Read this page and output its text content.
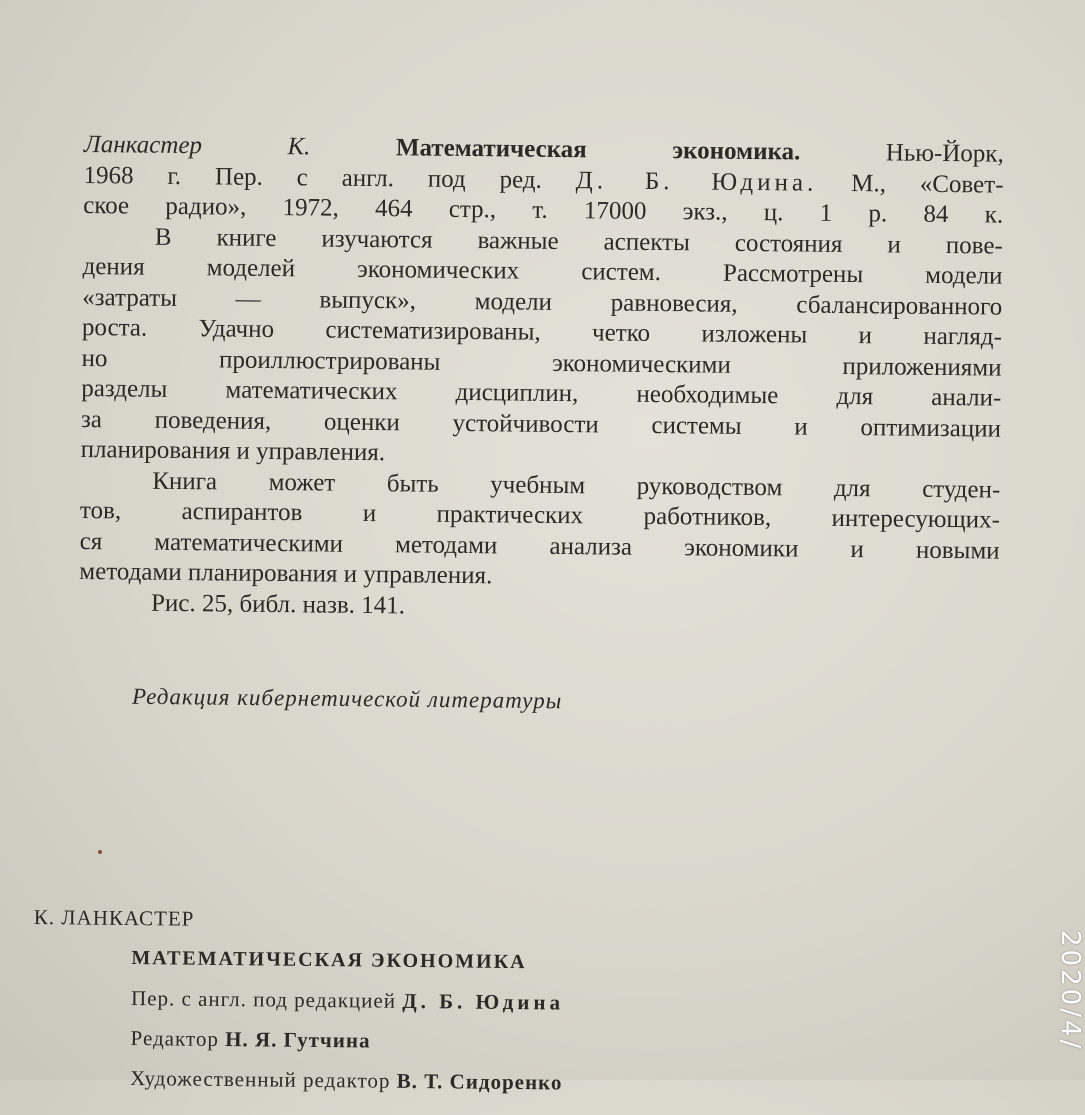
Ланкастер К.	Математическая экономика.	Нью-Йорк,
1968 г. Пер. с англ. под ред. Д. Б. Юдина. М., «Совет-
ское радио», 1972, 464 стр., т. 17000 экз., ц. 1 р. 84 к.
В книге изучаются важные аспекты состояния и пове-
дения моделей экономических систем. Рассмотрены модели
«затраты — выпуск», модели равновесия, сбалансированного
роста. Удачно систематизированы, четко изложены и нагляд-
но проиллюстрированы экономическими приложениями
разделы математических дисциплин, необходимые для анали-
за поведения, оценки устойчивости системы и оптимизации
планирования и управления.
Книга может быть учебным руководством для студен-
тов, аспирантов и практических работников, интересующих-
ся математическими методами анализа экономики и новыми
методами планирования и управления.
Рис. 25, библ. назв. 141.
Редакция кибернетической литературы
К. ЛАНКАСТЕР
МАТЕМАТИЧЕСКАЯ ЭКОНОМИКА
Пер. с англ. под редакцией Д. Б. Юдина
Редактор Н. Я. Гутчина
Художественный редактор В. Т. Сидоренко
2020/4/
